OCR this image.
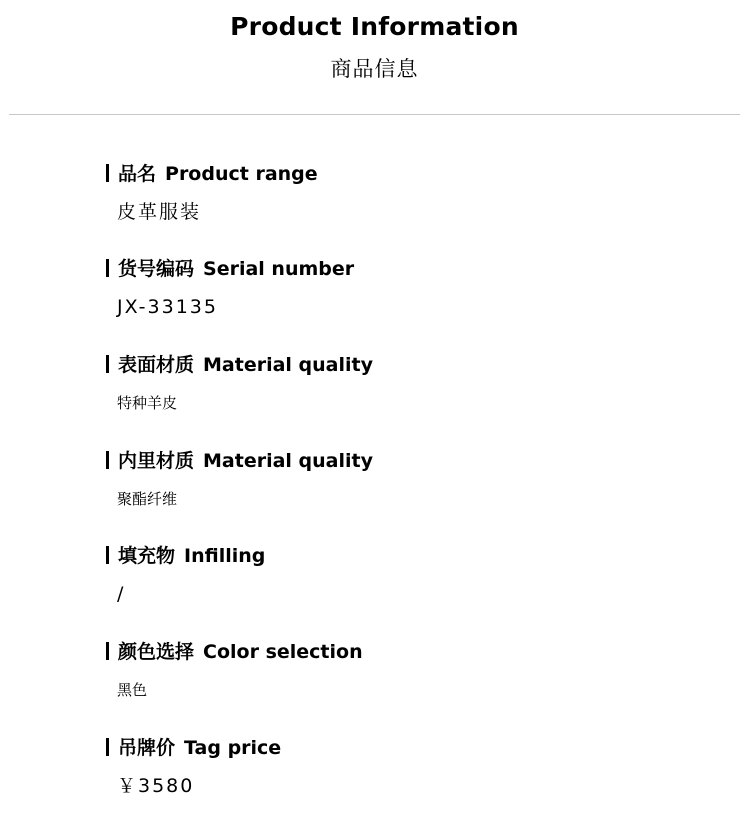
Product Information
商品信息
品名 Product range
皮革服装
货号编码 Serial number
JX-33135
表面材质 Material quality
特种羊皮
内里材质 Material quality
聚酯纤维
填充物 Infilling
/
颜色选择 Color selection
黑色
吊牌价 Tag price
￥3580
